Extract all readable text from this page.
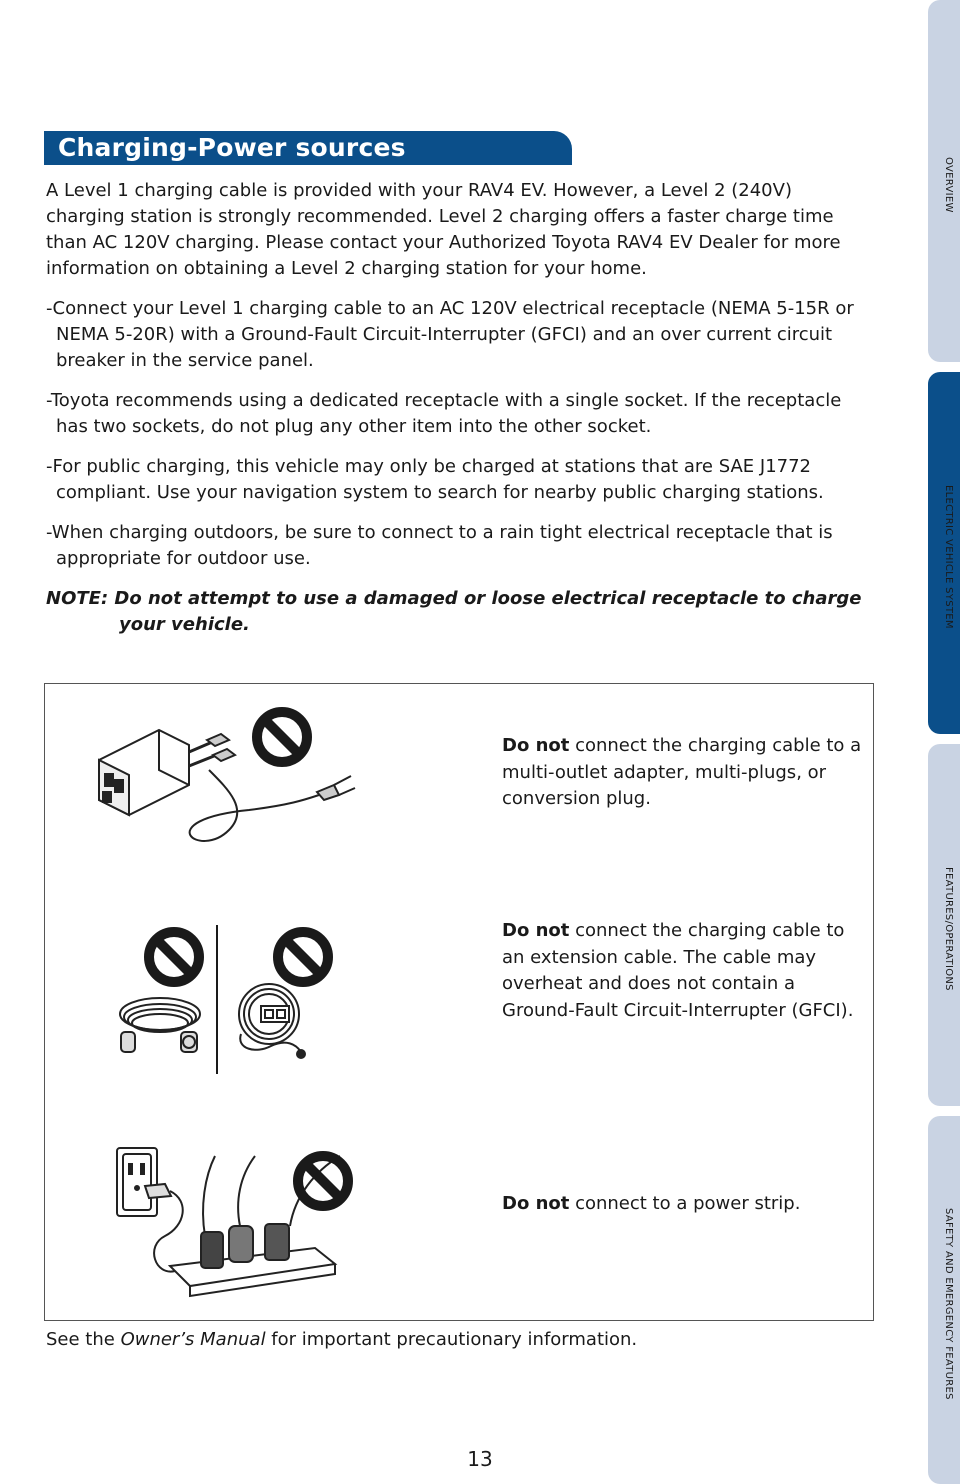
Charging-Power sources

A Level 1 charging cable is provided with your RAV4 EV. However, a Level 2 (240V) charging station is strongly recommended. Level 2 charging offers a faster charge time than AC 120V charging. Please contact your Authorized Toyota RAV4 EV Dealer for more information on obtaining a Level 2 charging station for your home.

-Connect your Level 1 charging cable to an AC 120V electrical receptacle (NEMA 5-15R or NEMA 5-20R) with a Ground-Fault Circuit-Interrupter (GFCI) and an over current circuit breaker in the service panel.

-Toyota recommends using a dedicated receptacle with a single socket. If the receptacle has two sockets, do not plug any other item into the other socket.

-For public charging, this vehicle may only be charged at stations that are SAE J1772 compliant. Use your navigation system to search for nearby public charging stations.

-When charging outdoors, be sure to connect to a rain tight electrical receptacle that is appropriate for outdoor use.

NOTE: Do not attempt to use a damaged or loose electrical receptacle to charge your vehicle.

Do not connect the charging cable to a multi-outlet adapter, multi-plugs, or conversion plug.
Do not connect the charging cable to an extension cable. The cable may overheat and does not contain a Ground-Fault Circuit-Interrupter (GFCI).
Do not connect to a power strip.
See the Owner’s Manual for important precautionary information.
13
OVERVIEW
ELECTRIC VEHICLE SYSTEM
FEATURES/OPERATIONS
SAFETY AND EMERGENCY FEATURES
